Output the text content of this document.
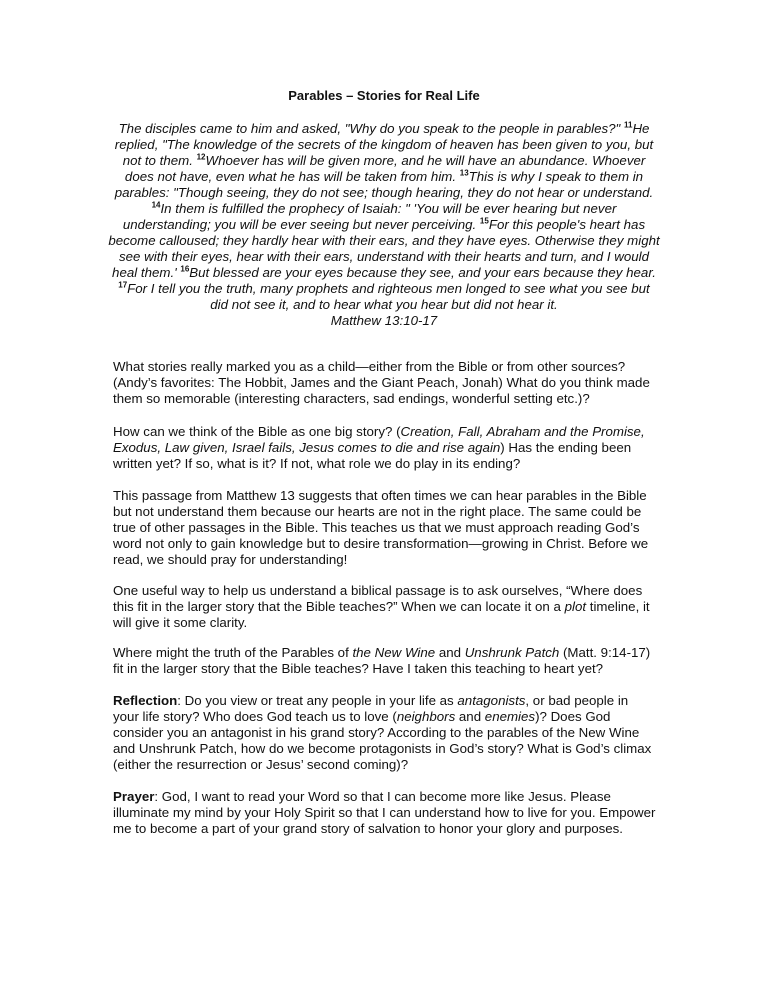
Parables – Stories for Real Life
The disciples came to him and asked, "Why do you speak to the people in parables?" $^{11}$He replied, "The knowledge of the secrets of the kingdom of heaven has been given to you, but not to them. $^{12}$Whoever has will be given more, and he will have an abundance. Whoever does not have, even what he has will be taken from him. $^{13}$This is why I speak to them in parables: "Though seeing, they do not see; though hearing, they do not hear or understand. $^{14}$In them is fulfilled the prophecy of Isaiah: " 'You will be ever hearing but never understanding; you will be ever seeing but never perceiving. $^{15}$For this people's heart has become calloused; they hardly hear with their ears, and they have eyes. Otherwise they might see with their eyes, hear with their ears, understand with their hearts and turn, and I would heal them.' $^{16}$But blessed are your eyes because they see, and your ears because they hear. $^{17}$For I tell you the truth, many prophets and righteous men longed to see what you see but did not see it, and to hear what you hear but did not hear it.
Matthew 13:10-17

What stories really marked you as a child—either from the Bible or from other sources? (Andy’s favorites: The Hobbit, James and the Giant Peach, Jonah) What do you think made them so memorable (interesting characters, sad endings, wonderful setting etc.)?

How can we think of the Bible as one big story? (Creation, Fall, Abraham and the Promise, Exodus, Law given, Israel fails, Jesus comes to die and rise again) Has the ending been written yet? If so, what is it? If not, what role we do play in its ending?

This passage from Matthew 13 suggests that often times we can hear parables in the Bible but not understand them because our hearts are not in the right place. The same could be true of other passages in the Bible. This teaches us that we must approach reading God’s word not only to gain knowledge but to desire transformation—growing in Christ. Before we read, we should pray for understanding!

One useful way to help us understand a biblical passage is to ask ourselves, “Where does this fit in the larger story that the Bible teaches?” When we can locate it on a plot timeline, it will give it some clarity.

Where might the truth of the Parables of the New Wine and Unshrunk Patch (Matt. 9:14-17) fit in the larger story that the Bible teaches? Have I taken this teaching to heart yet?

Reflection: Do you view or treat any people in your life as antagonists, or bad people in your life story? Who does God teach us to love (neighbors and enemies)? Does God consider you an antagonist in his grand story? According to the parables of the New Wine and Unshrunk Patch, how do we become protagonists in God’s story? What is God’s climax (either the resurrection or Jesus’ second coming)?

Prayer: God, I want to read your Word so that I can become more like Jesus. Please illuminate my mind by your Holy Spirit so that I can understand how to live for you. Empower me to become a part of your grand story of salvation to honor your glory and purposes.
